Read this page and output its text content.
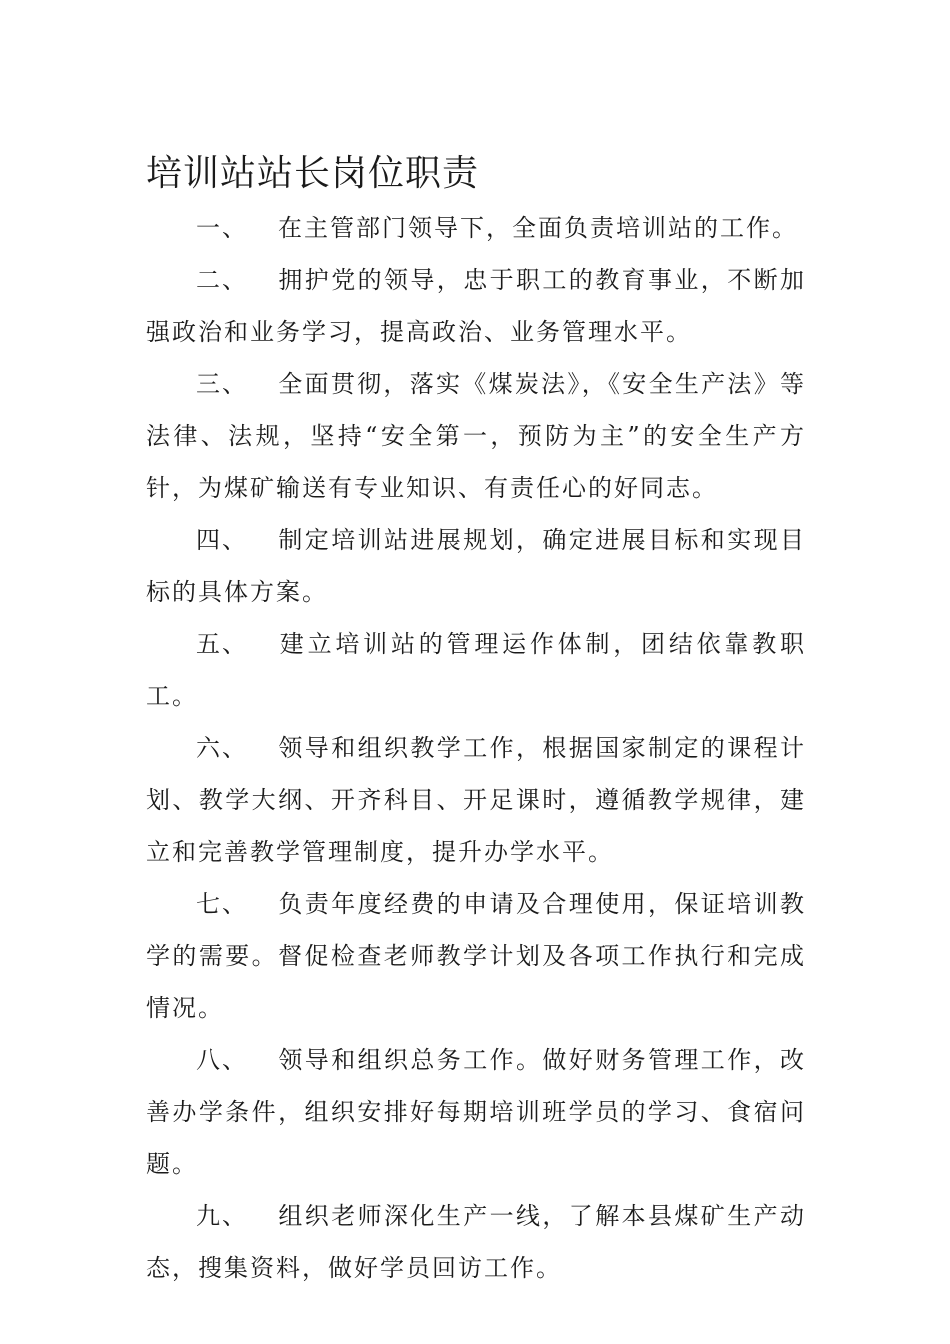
培训站站长岗位职责

一、 在主管部门领导下，全面负责培训站的工作。

二、 拥护党的领导，忠于职工的教育事业，不断加强政治和业务学习，提高政治、业务管理水平。

三、 全面贯彻，落实《煤炭法》，《安全生产法》等法律、法规，坚持“安全第一，预防为主”的安全生产方针，为煤矿输送有专业知识、有责任心的好同志。

四、 制定培训站进展规划，确定进展目标和实现目标的具体方案。

五、 建立培训站的管理运作体制，团结依靠教职工。

六、 领导和组织教学工作，根据国家制定的课程计划、教学大纲、开齐科目、开足课时，遵循教学规律，建立和完善教学管理制度，提升办学水平。

七、 负责年度经费的申请及合理使用，保证培训教学的需要。督促检查老师教学计划及各项工作执行和完成情况。

八、 领导和组织总务工作。做好财务管理工作，改善办学条件，组织安排好每期培训班学员的学习、食宿问题。

九、 组织老师深化生产一线，了解本县煤矿生产动态，搜集资料，做好学员回访工作。
